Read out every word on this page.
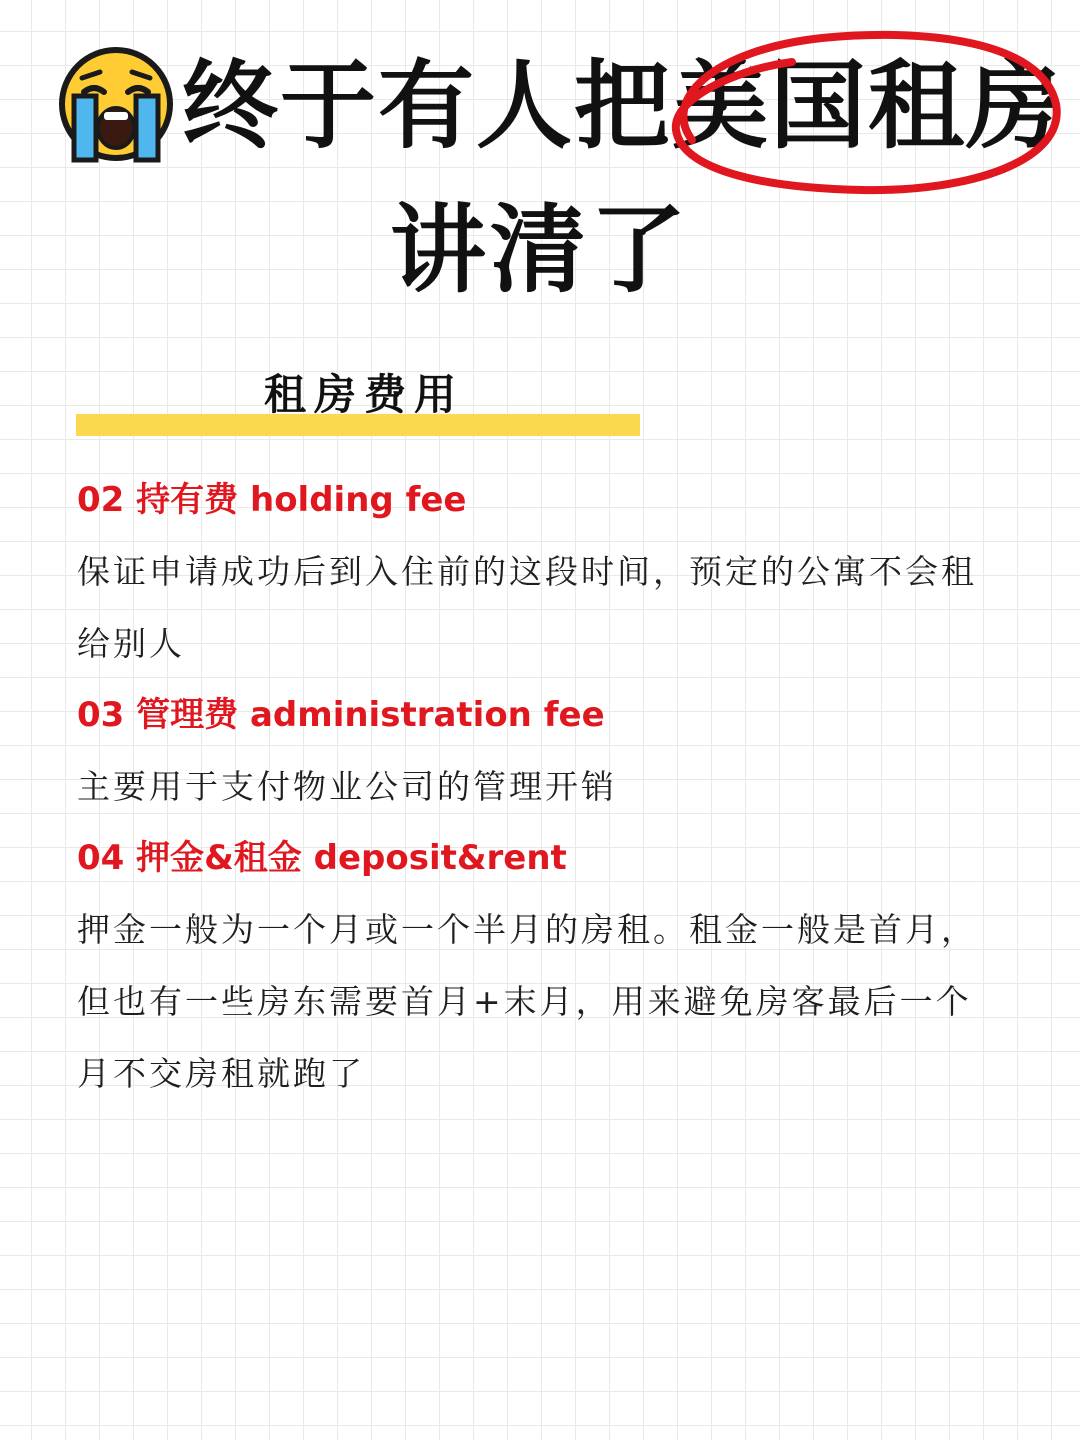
终于有人把美国租房
讲清了
租房费用
02 持有费 holding fee

保证申请成功后到入住前的这段时间，预定的公寓不会租给别人

03 管理费 administration fee

主要用于支付物业公司的管理开销

04 押金&租金 deposit&rent

押金一般为一个月或一个半月的房租。租金一般是首月，但也有一些房东需要首月+末月，用来避免房客最后一个月不交房租就跑了
